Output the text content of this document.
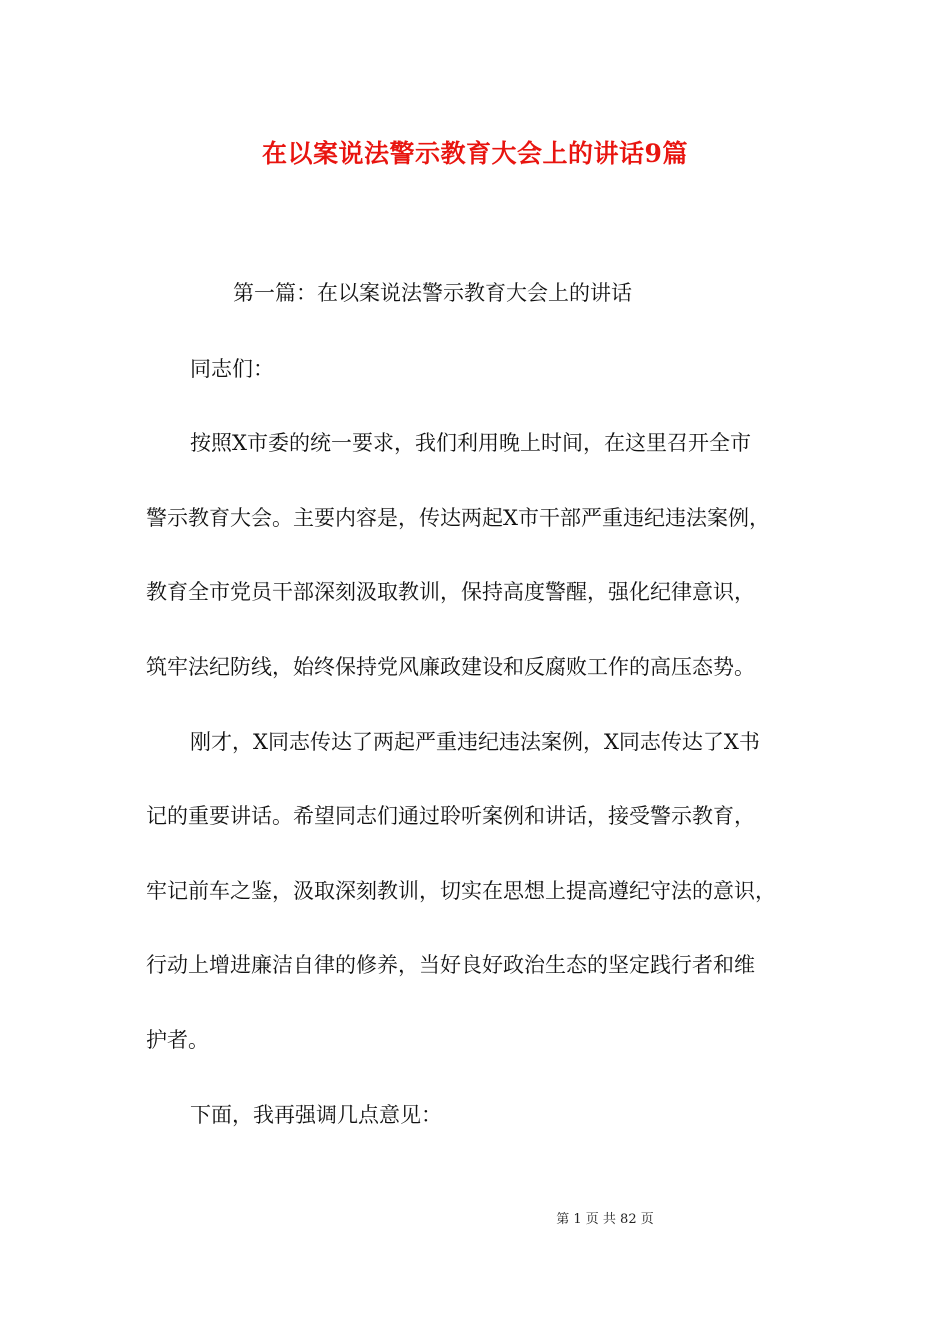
在以案说法警示教育大会上的讲话9篇
第一篇：在以案说法警示教育大会上的讲话
同志们：
按照X市委的统一要求，我们利用晚上时间，在这里召开全市
警示教育大会。主要内容是，传达两起X市干部严重违纪违法案例，
教育全市党员干部深刻汲取教训，保持高度警醒，强化纪律意识，
筑牢法纪防线，始终保持党风廉政建设和反腐败工作的高压态势。
刚才，X同志传达了两起严重违纪违法案例，X同志传达了X书
记的重要讲话。希望同志们通过聆听案例和讲话，接受警示教育，
牢记前车之鉴，汲取深刻教训，切实在思想上提高遵纪守法的意识，
行动上增进廉洁自律的修养，当好良好政治生态的坚定践行者和维
护者。
下面，我再强调几点意见：
第 1 页 共 82 页
